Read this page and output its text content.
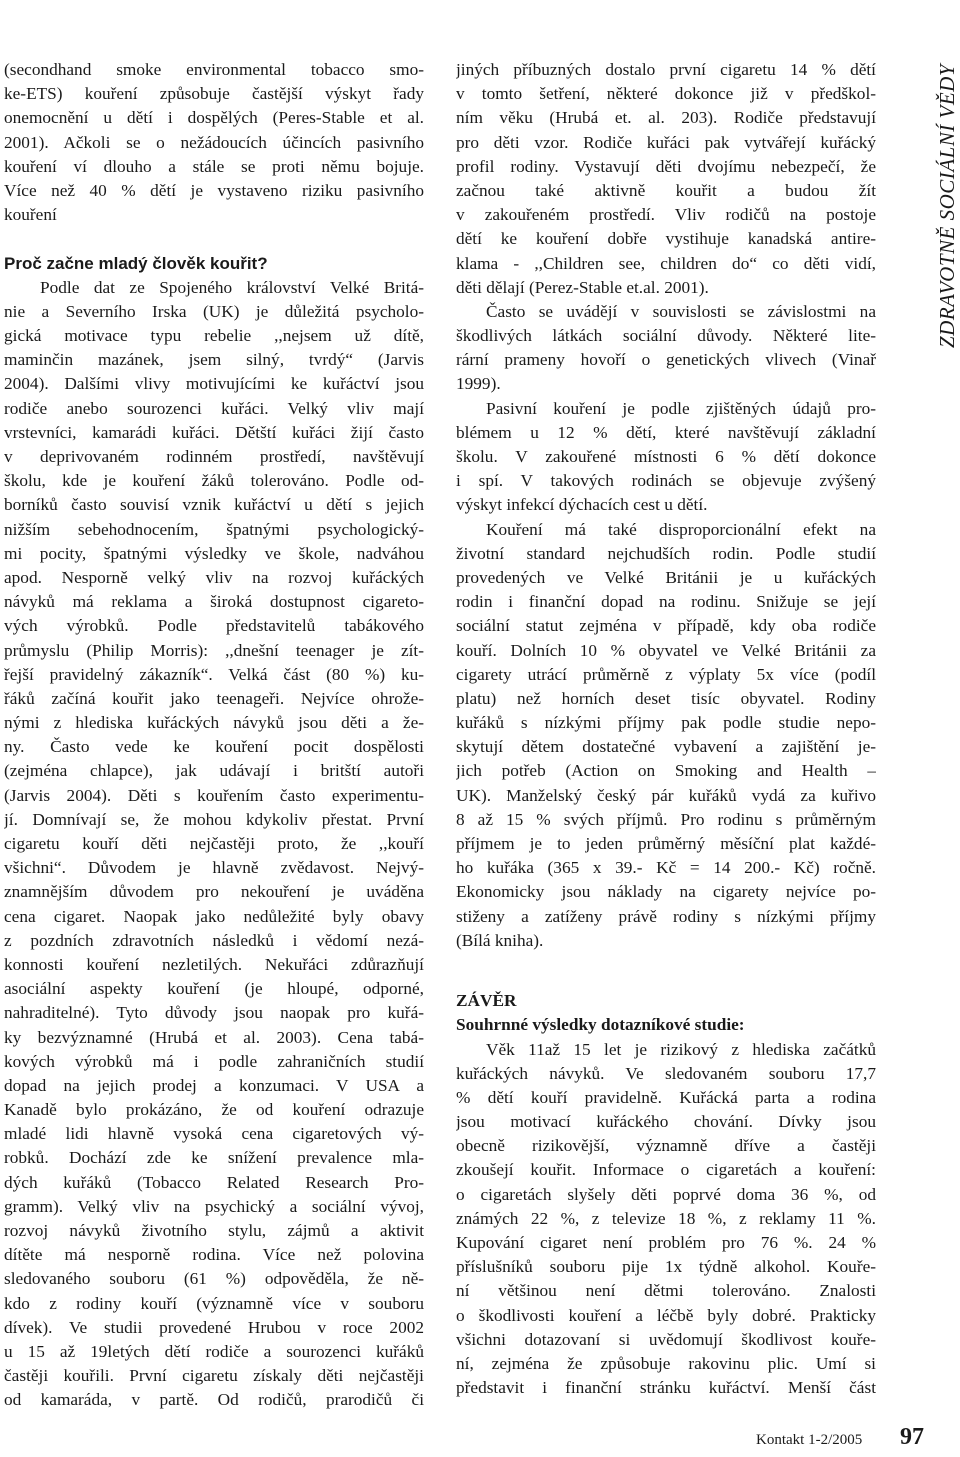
ZDRAVOTNĚ SOCIÁLNÍ VĚDY
(secondhand smoke environmental tobacco smo-
ke-ETS) kouření způsobuje častější výskyt řady
onemocnění u dětí i dospělých (Peres-Stable et al.
2001). Ačkoli se o nežádoucích účincích pasivního
kouření ví dlouho a stále se proti němu bojuje.
Více než 40 % dětí je vystaveno riziku pasivního
kouření
Proč začne mladý člověk kouřit?
Podle dat ze Spojeného království Velké Britá-
nie a Severního Irska (UK) je důležitá psycholo-
gická motivace typu rebelie ,,nejsem už dítě,
maminčin mazánek, jsem silný, tvrdý“ (Jarvis
2004). Dalšími vlivy motivujícími ke kuřáctví jsou
rodiče anebo sourozenci kuřáci. Velký vliv mají
vrstevníci, kamarádi kuřáci. Dětští kuřáci žijí často
v deprivovaném rodinném prostředí, navštěvují
školu, kde je kouření žáků tolerováno. Podle od-
borníků často souvisí vznik kuřáctví u dětí s jejich
nižším sebehodnocením, špatnými psychologický-
mi pocity, špatnými výsledky ve škole, nadváhou
apod. Nesporně velký vliv na rozvoj kuřáckých
návyků má reklama a široká dostupnost cigareto-
vých výrobků. Podle představitelů tabákového
průmyslu (Philip Morris): ,,dnešní teenager je zít-
řejší pravidelný zákazník“. Velká část (80 %) ku-
řáků začíná kouřit jako teenageři. Nejvíce ohrože-
nými z hlediska kuřáckých návyků jsou děti a že-
ny. Často vede ke kouření pocit dospělosti
(zejména chlapce), jak udávají i britští autoři
(Jarvis 2004). Děti s kouřením často experimentu-
jí. Domnívají se, že mohou kdykoliv přestat. První
cigaretu kouří děti nejčastěji proto, že ,,kouří
všichni“. Důvodem je hlavně zvědavost. Nejvý-
znamnějším důvodem pro nekouření je uváděna
cena cigaret. Naopak jako nedůležité byly obavy
z pozdních zdravotních následků i vědomí nezá-
konnosti kouření nezletilých. Nekuřáci zdůrazňují
asociální aspekty kouření (je hloupé, odporné,
nahraditelné). Tyto důvody jsou naopak pro kuřá-
ky bezvýznamné (Hrubá et al. 2003). Cena tabá-
kových výrobků má i podle zahraničních studií
dopad na jejich prodej a konzumaci. V USA a
Kanadě bylo prokázáno, že od kouření odrazuje
mladé lidi hlavně vysoká cena cigaretových vý-
robků. Dochází zde ke snížení prevalence mla-
dých kuřáků (Tobacco Related Research Pro-
gramm). Velký vliv na psychický a sociální vývoj,
rozvoj návyků životního stylu, zájmů a aktivit
dítěte má nesporně rodina. Více než polovina
sledovaného souboru (61 %) odpověděla, že ně-
kdo z rodiny kouří (významně více v souboru
dívek). Ve studii provedené Hrubou v roce 2002
u 15 až 19letých dětí rodiče a sourozenci kuřáků
častěji kouřili. První cigaretu získaly děti nejčastěji
od kamaráda, v partě. Od rodičů, prarodičů či
jiných příbuzných dostalo první cigaretu 14 % dětí
v tomto šetření, některé dokonce již v předškol-
ním věku (Hrubá et. al. 203). Rodiče představují
pro děti vzor. Rodiče kuřáci pak vytvářejí kuřácký
profil rodiny. Vystavují děti dvojímu nebezpečí, že
začnou také aktivně kouřit a budou žít
v zakouřeném prostředí. Vliv rodičů na postoje
dětí ke kouření dobře vystihuje kanadská antire-
klama - ,,Children see, children do“ co děti vidí,
děti dělají (Perez-Stable et.al. 2001).
Často se uvádějí v souvislosti se závislostmi na
škodlivých látkách sociální důvody. Některé lite-
rární prameny hovoří o genetických vlivech (Vinař
1999).
Pasivní kouření je podle zjištěných údajů pro-
blémem u 12 % dětí, které navštěvují základní
školu. V zakouřené místnosti 6 % dětí dokonce
i spí. V takových rodinách se objevuje zvýšený
výskyt infekcí dýchacích cest u dětí.
Kouření má také disproporcionální efekt na
životní standard nejchudších rodin. Podle studií
provedených ve Velké Británii je u kuřáckých
rodin i finanční dopad na rodinu. Snižuje se její
sociální statut zejména v případě, kdy oba rodiče
kouří. Dolních 10 % obyvatel ve Velké Británii za
cigarety utrácí průměrně z výplaty 5x více (podíl
platu) než horních deset tisíc obyvatel. Rodiny
kuřáků s nízkými příjmy pak podle studie nepo-
skytují dětem dostatečné vybavení a zajištění je-
jich potřeb (Action on Smoking and Health –
UK). Manželský český pár kuřáků vydá za kuřivo
8 až 15 % svých příjmů. Pro rodinu s průměrným
příjmem je to jeden průměrný měsíční plat každé-
ho kuřáka (365 x 39.- Kč = 14 200.- Kč) ročně.
Ekonomicky jsou náklady na cigarety nejvíce po-
stiženy a zatíženy právě rodiny s nízkými příjmy
(Bílá kniha).
ZÁVĚR
Souhrnné výsledky dotazníkové studie:
Věk 11až 15 let je rizikový z hlediska začátků
kuřáckých návyků. Ve sledovaném souboru 17,7
% dětí kouří pravidelně. Kuřácká parta a rodina
jsou motivací kuřáckého chování. Dívky jsou
obecně rizikovější, významně dříve a častěji
zkoušejí kouřit. Informace o cigaretách a kouření:
o cigaretách slyšely děti poprvé doma 36 %, od
známých 22 %, z televize 18 %, z reklamy 11 %.
Kupování cigaret není problém pro 76 %. 24 %
příslušníků souboru pije 1x týdně alkohol. Kouře-
ní většinou není dětmi tolerováno. Znalosti
o škodlivosti kouření a léčbě byly dobré. Prakticky
všichni dotazovaní si uvědomují škodlivost kouře-
ní, zejména že způsobuje rakovinu plic. Umí si
představit i finanční stránku kuřáctví. Menší část
Kontakt 1-2/2005 97
